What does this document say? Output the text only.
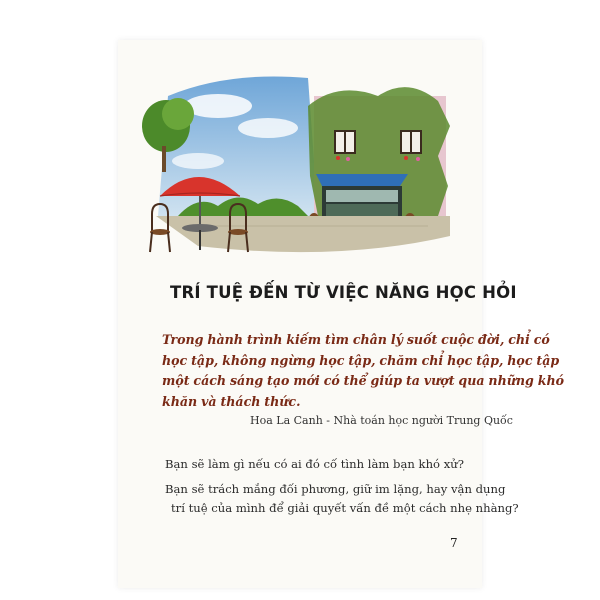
TRÍ TUỆ ĐẾN TỪ VIỆC NĂNG HỌC HỎI
Trong hành trình kiếm tìm chân lý suốt cuộc đời, chỉ có
học tập, không ngừng học tập, chăm chỉ học tập, học tập
một cách sáng tạo mới có thể giúp ta vượt qua những khó
khăn và thách thức.
Hoa La Canh - Nhà toán học người Trung Quốc
Bạn sẽ làm gì nếu có ai đó cố tình làm bạn khó xử?
Bạn sẽ trách mắng đối phương, giữ im lặng, hay vận dụng
trí tuệ của mình để giải quyết vấn đề một cách nhẹ nhàng?
7
